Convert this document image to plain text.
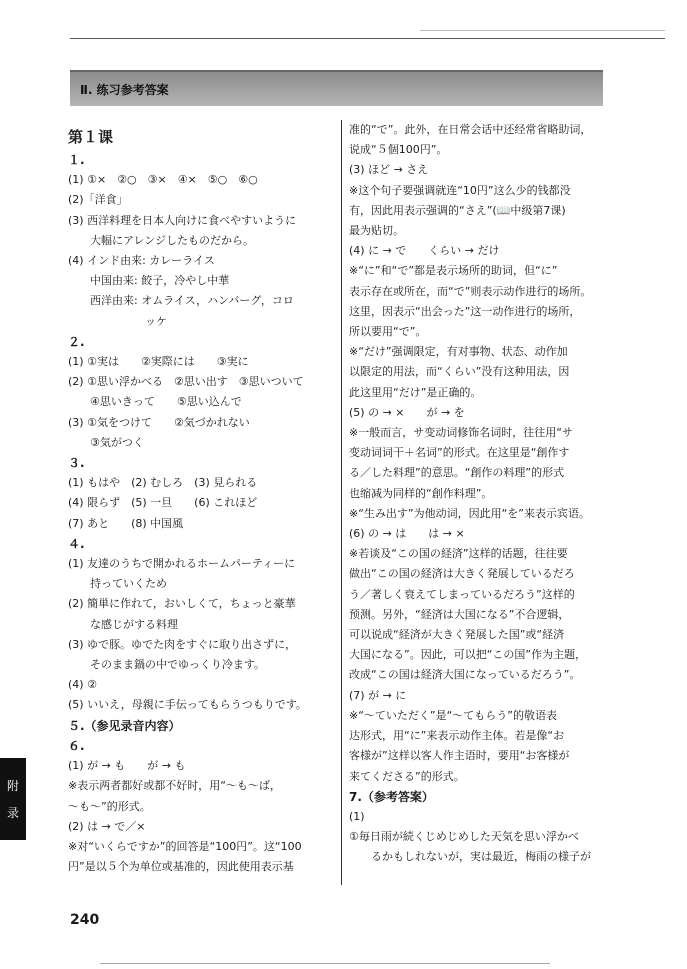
Ⅱ. 练习参考答案
第１课
１.
(1) ①×　②○　③×　④×　⑤○　⑥○
(2)「洋食」
(3) 西洋料理を日本人向けに食べやすいように
大幅にアレンジしたものだから。
(4) インド由来: カレーライス
中国由来: 餃子，冷やし中華
西洋由来: オムライス，ハンバーグ，コロ
　　　　　ッケ
２.
(1) ①実は　　②実際には　　③実に
(2) ①思い浮かべる　②思い出す　③思いついて
④思いきって　　⑤思い込んで
(3) ①気をつけて　　②気づかれない
③気がつく
３.
(1) もはや　(2) むしろ　(3) 見られる
(4) 限らず　(5) 一旦　　(6) これほど
(7) あと　　(8) 中国風
４.
(1) 友達のうちで開かれるホームパーティーに
持っていくため
(2) 簡単に作れて，おいしくて，ちょっと豪華
な感じがする料理
(3) ゆで豚。ゆでた肉をすぐに取り出さずに，
そのまま鍋の中でゆっくり冷ます。
(4) ②
(5) いいえ，母親に手伝ってもらうつもりです。
５.（参见录音内容）
６.
(1) が → も　　が → も
※表示两者都好或都不好时，用“～も～ば，
～も～”的形式。
(2) は → で／×
※对“いくらですか”的回答是“100円”。这“100
円”是以５个为单位或基准的，因此使用表示基
准的“で”。此外，在日常会话中还经常省略助词，
说成“５個100円”。
(3) ほど → さえ
※这个句子要强调就连“10円”这么少的钱都没
有，因此用表示强调的“さえ”(📖中级第7课)
最为贴切。
(4) に → で　　くらい → だけ
※“に”和“で”都是表示场所的助词，但“に”
表示存在或所在，而“で”则表示动作进行的场所。
这里，因表示“出会った”这一动作进行的场所，
所以要用“で”。
※“だけ”强调限定，有对事物、状态、动作加
以限定的用法，而“くらい”没有这种用法，因
此这里用“だけ”是正确的。
(5) の → ×　　が → を
※一般而言，サ变动词修饰名词时，往往用“サ
变动词词干＋名词”的形式。在这里是“創作す
る／した料理”的意思。“創作の料理”的形式
也缩减为同样的“創作料理”。
※“生み出す”为他动词，因此用“を”来表示宾语。
(6) の → は　　は → ×
※若谈及“この国の経済”这样的话题，往往要
做出“この国の経済は大きく発展しているだろ
う／著しく衰えてしまっているだろう”这样的
预测。另外，“経済は大国になる”不合逻辑，
可以说成“経済が大きく発展した国”或“経済
大国になる”。因此，可以把“この国”作为主题，
改成“この国は経済大国になっているだろう”。
(7) が → に
※“～ていただく”是“～てもらう”的敬语表
达形式，用“に”来表示动作主体。若是像“お
客様が”这样以客人作主语时，要用“お客様が
来てくださる”的形式。
7.（参考答案）
(1)
①毎日雨が続くじめじめした天気を思い浮かべ
るかもしれないが，実は最近，梅雨の様子が
附
录
240
